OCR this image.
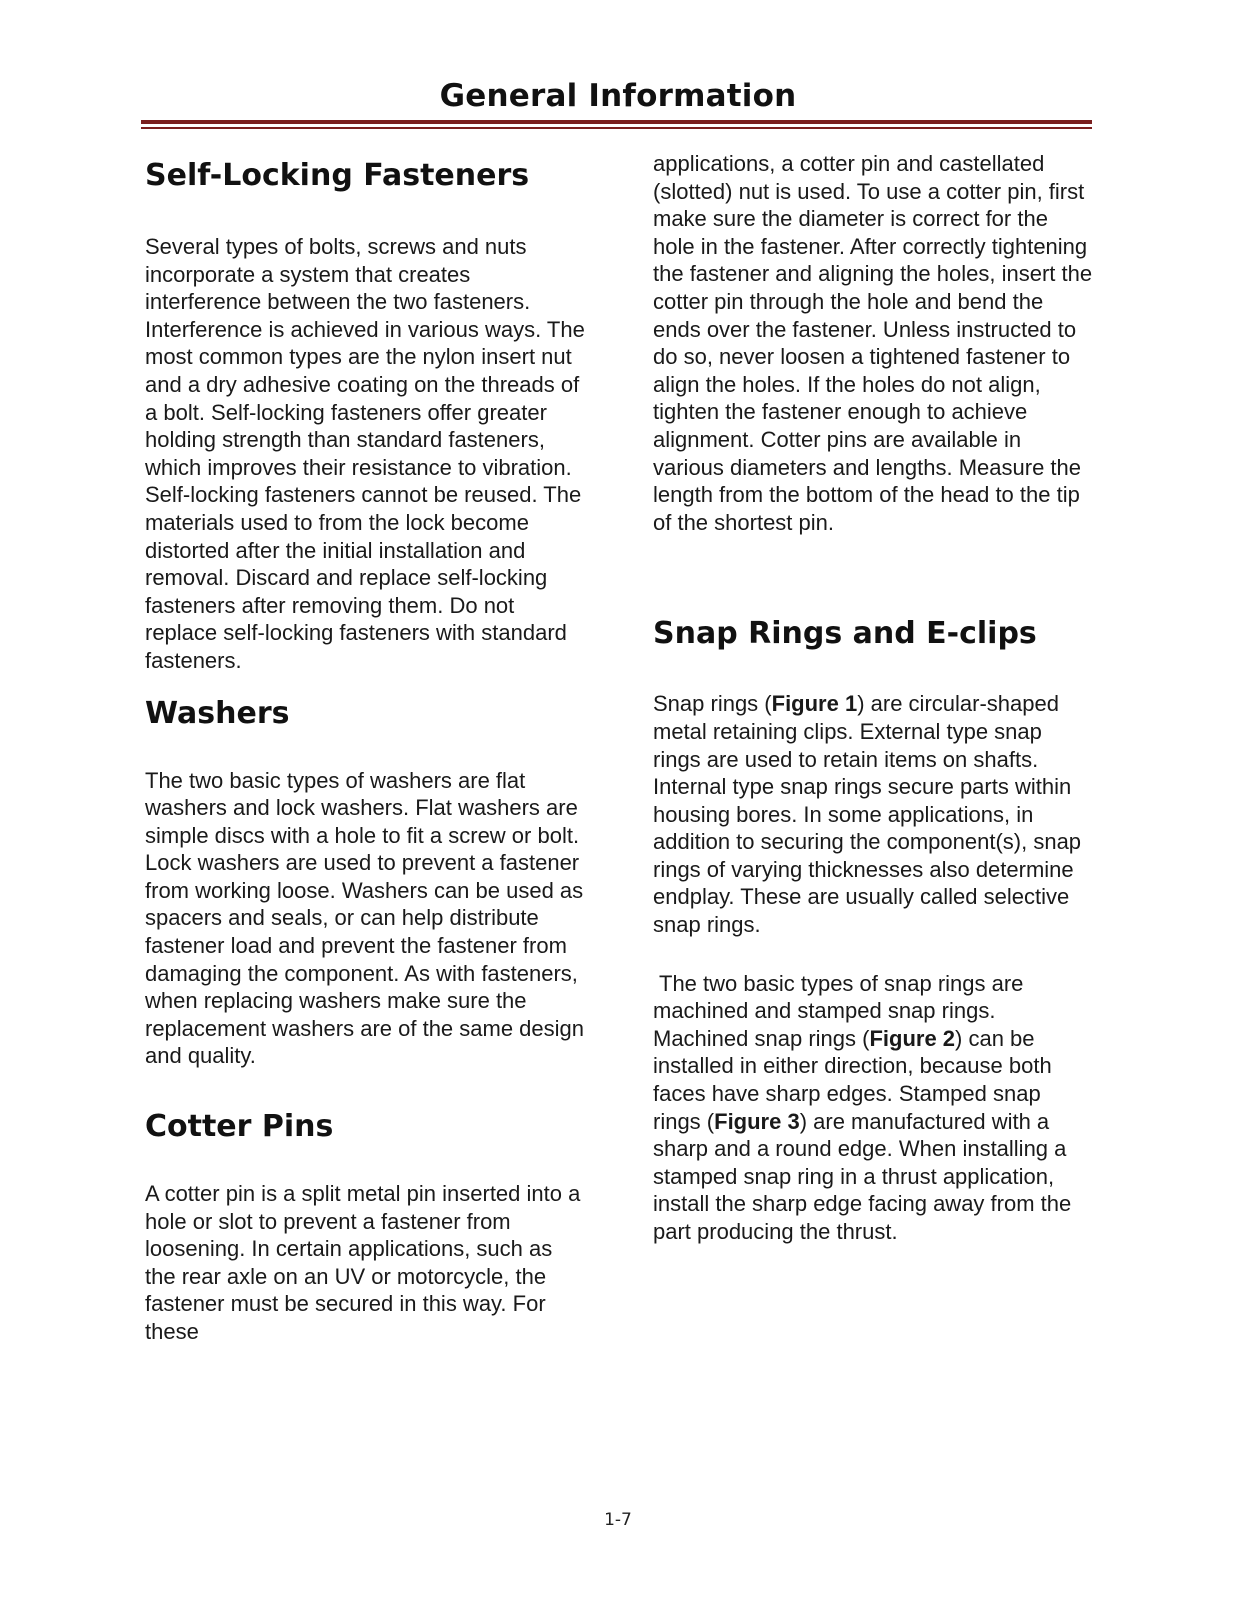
General Information
Self-Locking Fasteners

Several types of bolts, screws and nuts incorporate a system that creates interference between the two fasteners. Interference is achieved in various ways. The most common types are the nylon insert nut and a dry adhesive coating on the threads of a bolt. Self-locking fasteners offer greater holding strength than standard fasteners, which improves their resistance to vibration. Self-locking fasteners cannot be reused. The materials used to from the lock become distorted after the initial installation and removal. Discard and replace self-locking fasteners after removing them. Do not replace self-locking fasteners with standard fasteners.

Washers

The two basic types of washers are flat washers and lock washers. Flat washers are simple discs with a hole to fit a screw or bolt. Lock washers are used to prevent a fastener from working loose. Washers can be used as spacers and seals, or can help distribute fastener load and prevent the fastener from damaging the component. As with fasteners, when replacing washers make sure the replacement washers are of the same design and quality.

Cotter Pins

A cotter pin is a split metal pin inserted into a hole or slot to prevent a fastener from loosening. In certain applications, such as the rear axle on an UV or motorcycle, the fastener must be secured in this way. For these

applications, a cotter pin and castellated (slotted) nut is used. To use a cotter pin, first make sure the diameter is correct for the hole in the fastener. After correctly tightening the fastener and aligning the holes, insert the cotter pin through the hole and bend the ends over the fastener. Unless instructed to do so, never loosen a tightened fastener to align the holes. If the holes do not align, tighten the fastener enough to achieve alignment. Cotter pins are available in various diameters and lengths. Measure the length from the bottom of the head to the tip of the shortest pin.

Snap Rings and E-clips

Snap rings (Figure 1) are circular-shaped metal retaining clips. External type snap rings are used to retain items on shafts. Internal type snap rings secure parts within housing bores. In some applications, in addition to securing the component(s), snap rings of varying thicknesses also determine endplay. These are usually called selective snap rings.

The two basic types of snap rings are machined and stamped snap rings. Machined snap rings (Figure 2) can be installed in either direction, because both faces have sharp edges. Stamped snap rings (Figure 3) are manufactured with a sharp and a round edge. When installing a stamped snap ring in a thrust application, install the sharp edge facing away from the part producing the thrust.

1-7
